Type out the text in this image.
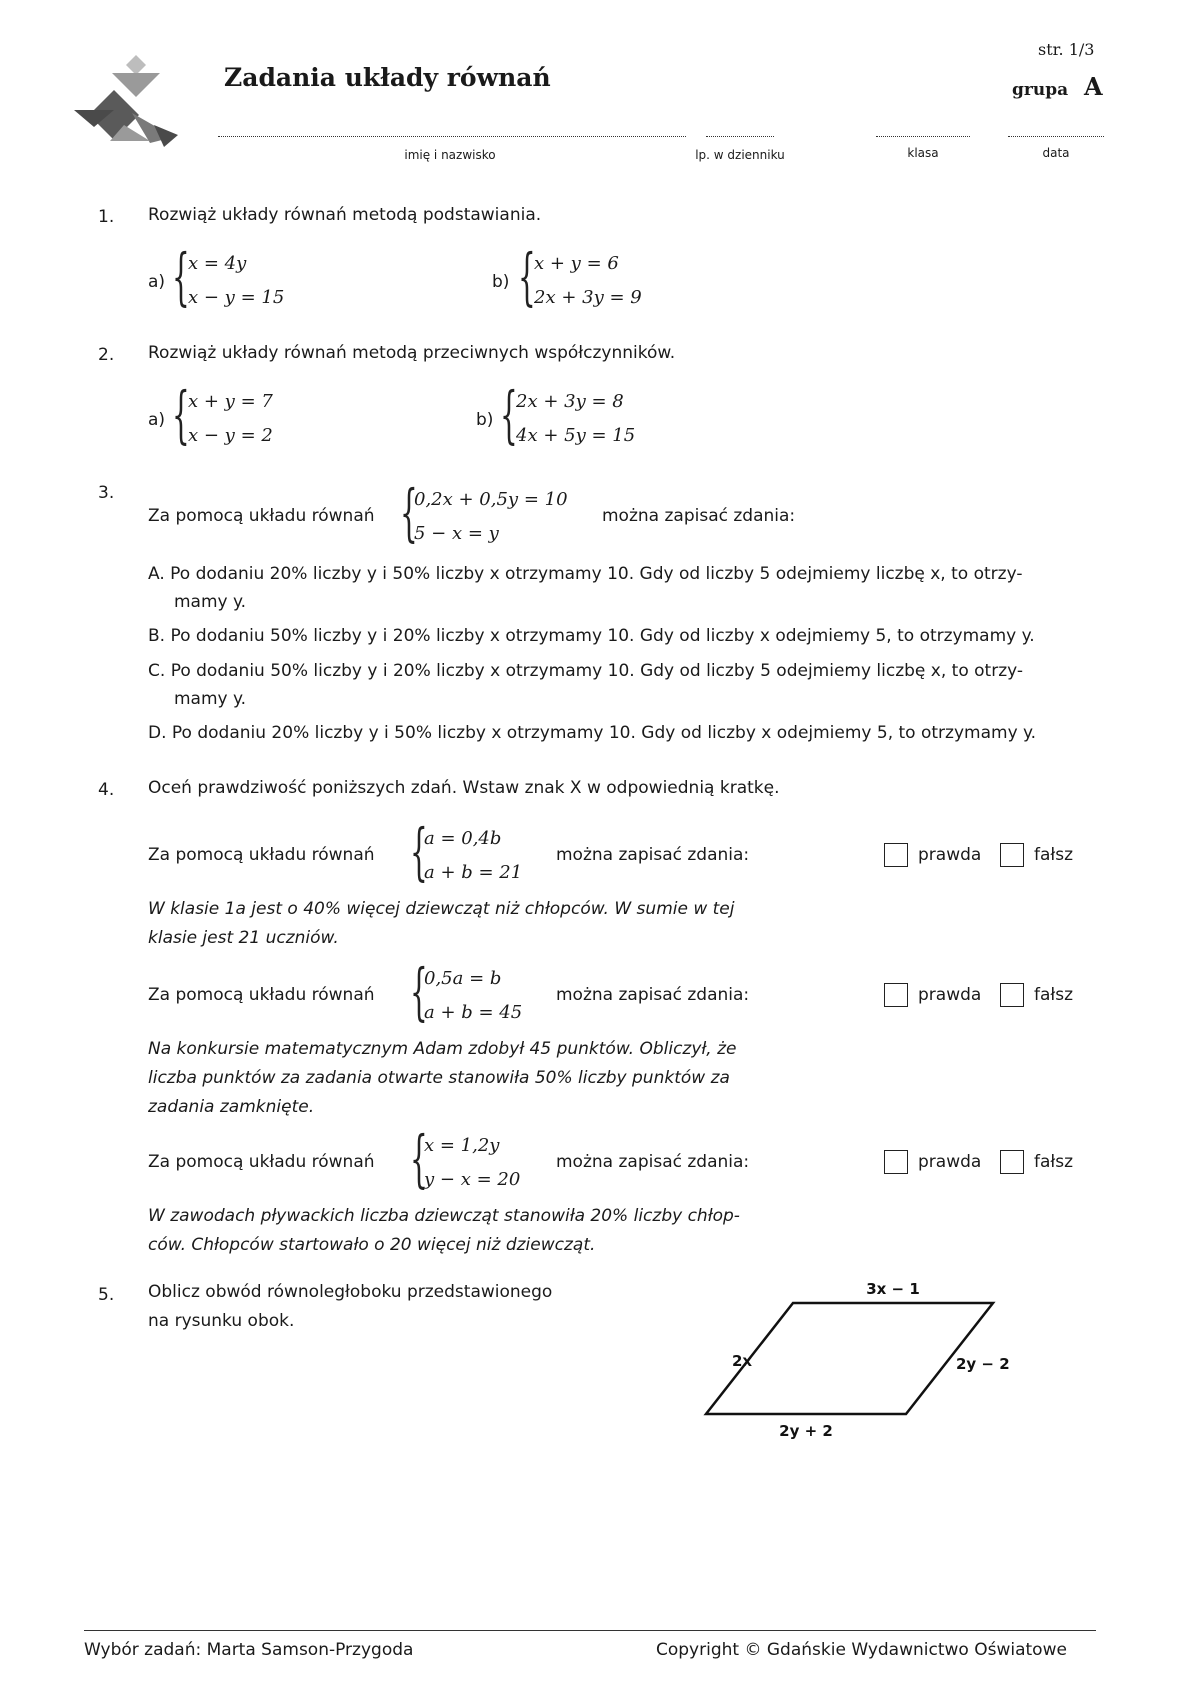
Zadania układy równań
str. 1/3
grupa A
imię i nazwisko	lp. w dzienniku	klasa	data
1. Rozwiąż układy równań metodą podstawiania.
a) {
x = 4y
x − y = 15
b) {
x + y = 6
2x + 3y = 9
2. Rozwiąż układy równań metodą przeciwnych współczynników.
a) {
x + y = 7
x − y = 2
b) {
2x + 3y = 8
4x + 5y = 15
3.
Za pomocą układu równań {
0,2x + 0,5y = 10
5 − x = y
można zapisać zdania:
A. Po dodaniu 20% liczby y i 50% liczby x otrzymamy 10. Gdy od liczby 5 odejmiemy liczbę x, to otrzy-
mamy y.
B. Po dodaniu 50% liczby y i 20% liczby x otrzymamy 10. Gdy od liczby x odejmiemy 5, to otrzymamy y.
C. Po dodaniu 50% liczby y i 20% liczby x otrzymamy 10. Gdy od liczby 5 odejmiemy liczbę x, to otrzy-
mamy y.
D. Po dodaniu 20% liczby y i 50% liczby x otrzymamy 10. Gdy od liczby x odejmiemy 5, to otrzymamy y.
4. Oceń prawdziwość poniższych zdań. Wstaw znak X w odpowiednią kratkę.
Za pomocą układu równań {
a = 0,4b
a + b = 21
można zapisać zdania:	prawda	fałsz
W klasie 1a jest o 40% więcej dziewcząt niż chłopców. W sumie w tej
klasie jest 21 uczniów.
Za pomocą układu równań {
0,5a = b
a + b = 45
można zapisać zdania:	prawda	fałsz
Na konkursie matematycznym Adam zdobył 45 punktów. Obliczył, że
liczba punktów za zadania otwarte stanowiła 50% liczby punktów za
zadania zamknięte.
Za pomocą układu równań {
x = 1,2y
y − x = 20
można zapisać zdania:	prawda	fałsz
W zawodach pływackich liczba dziewcząt stanowiła 20% liczby chłop-
ców. Chłopców startowało o 20 więcej niż dziewcząt.
5. Oblicz obwód równoległoboku przedstawionego
na rysunku obok.
3x − 1
2x	2y − 2
2y + 2
Wybór zadań: Marta Samson-Przygoda	Copyright © Gdańskie Wydawnictwo Oświatowe
